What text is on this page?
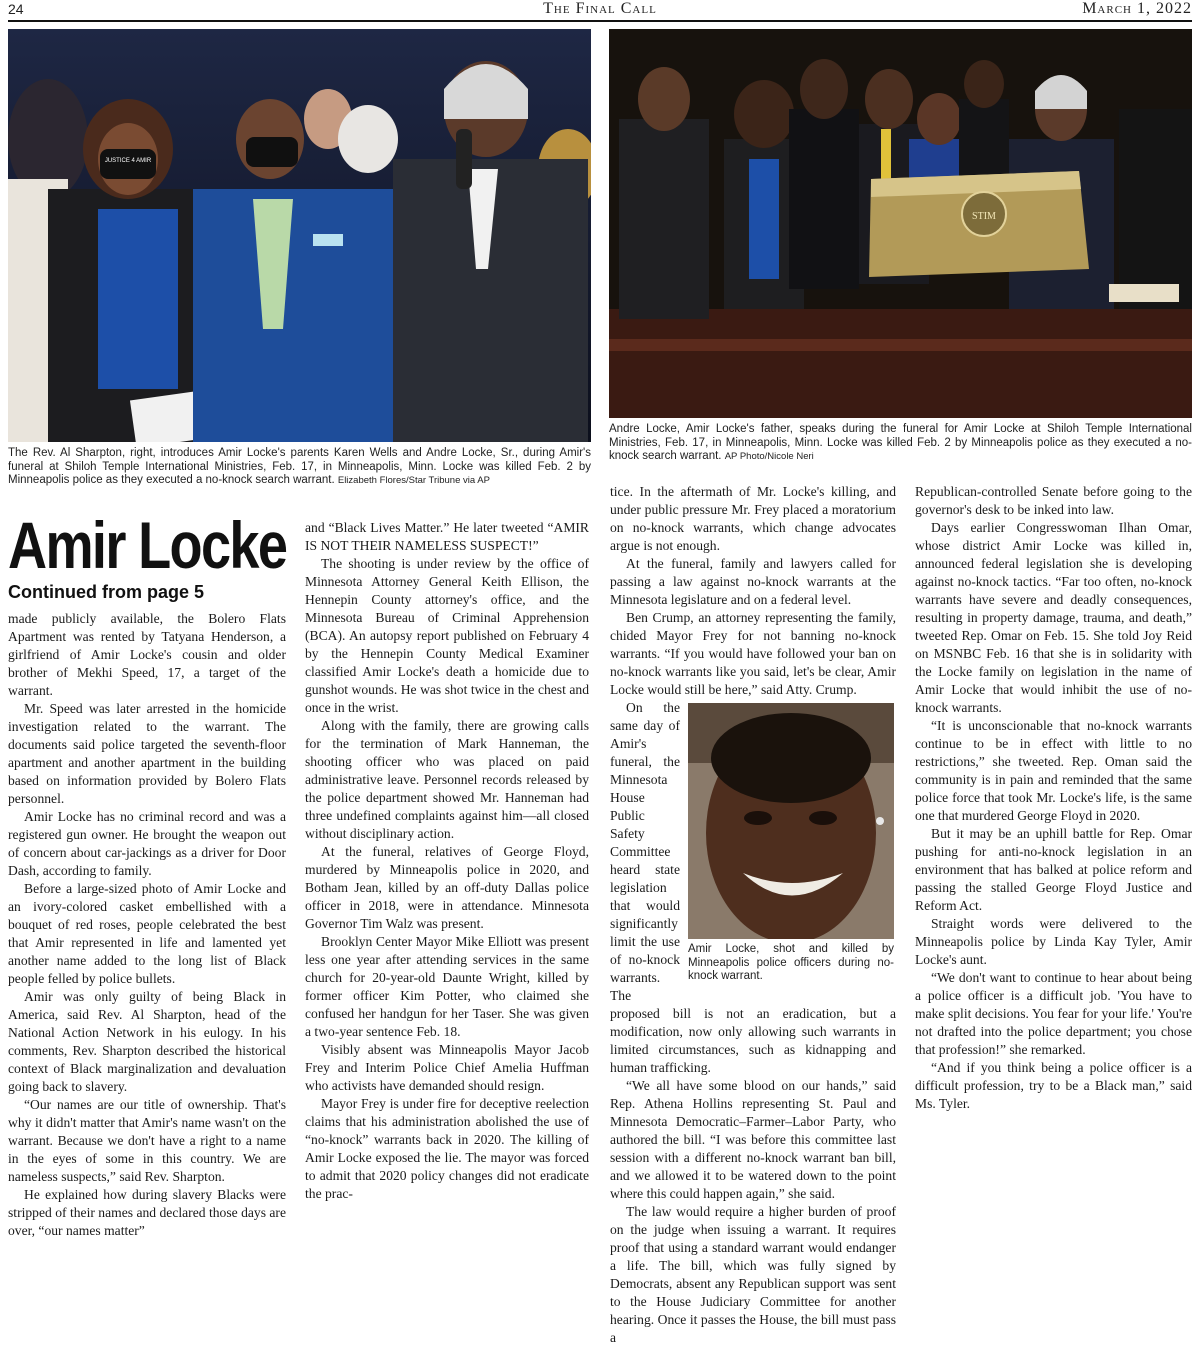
24	The Final Call	March 1, 2022
JUSTICE 4 AMIR
STIM
The Rev. Al Sharpton, right, introduces Amir Locke's parents Karen Wells and Andre Locke, Sr., during Amir's funeral at Shiloh Temple International Ministries, Feb. 17, in Minneapolis, Minn. Locke was killed Feb. 2 by Minneapolis police as they executed a no-knock search warrant. Elizabeth Flores/Star Tribune via AP
Andre Locke, Amir Locke's father, speaks during the funeral for Amir Locke at Shiloh Temple International Ministries, Feb. 17, in Minneapolis, Minn. Locke was killed Feb. 2 by Minneapolis police as they executed a no-knock search warrant. AP Photo/Nicole Neri
Amir Locke
Continued from page 5

made publicly available, the Bolero Flats Apartment was rented by Tatyana Henderson, a girlfriend of Amir Locke's cousin and older brother of Mekhi Speed, 17, a target of the warrant.

Mr. Speed was later arrested in the homicide investigation related to the warrant. The documents said police targeted the seventh-floor apartment and another apartment in the building based on information provided by Bolero Flats personnel.

Amir Locke has no criminal record and was a registered gun owner. He brought the weapon out of concern about car-jackings as a driver for Door Dash, according to family.

Before a large-sized photo of Amir Locke and an ivory-colored casket embellished with a bouquet of red roses, people celebrated the best that Amir represented in life and lamented yet another name added to the long list of Black people felled by police bullets.

Amir was only guilty of being Black in America, said Rev. Al Sharpton, head of the National Action Network in his eulogy. In his comments, Rev. Sharpton described the historical context of Black marginalization and devaluation going back to slavery.

“Our names are our title of ownership. That's why it didn't matter that Amir's name wasn't on the warrant. Because we don't have a right to a name in the eyes of some in this country. We are nameless suspects,” said Rev. Sharpton.

He explained how during slavery Blacks were stripped of their names and declared those days are over, “our names matter”

and “Black Lives Matter.” He later tweeted “AMIR IS NOT THEIR NAMELESS SUSPECT!”

The shooting is under review by the office of Minnesota Attorney General Keith Ellison, the Hennepin County attorney's office, and the Minnesota Bureau of Criminal Apprehension (BCA). An autopsy report published on February 4 by the Hennepin County Medical Examiner classified Amir Locke's death a homicide due to gunshot wounds. He was shot twice in the chest and once in the wrist.

Along with the family, there are growing calls for the termination of Mark Hanneman, the shooting officer who was placed on paid administrative leave. Personnel records released by the police department showed Mr. Hanneman had three undefined complaints against him—all closed without disciplinary action.

At the funeral, relatives of George Floyd, murdered by Minneapolis police in 2020, and Botham Jean, killed by an off-duty Dallas police officer in 2018, were in attendance. Minnesota Governor Tim Walz was present.

Brooklyn Center Mayor Mike Elliott was present less one year after attending services in the same church for 20-year-old Daunte Wright, killed by former officer Kim Potter, who claimed she confused her handgun for her Taser. She was given a two-year sentence Feb. 18.

Visibly absent was Minneapolis Mayor Jacob Frey and Interim Police Chief Amelia Huffman who activists have demanded should resign.

Mayor Frey is under fire for deceptive reelection claims that his administration abolished the use of “no-knock” warrants back in 2020. The killing of Amir Locke exposed the lie. The mayor was forced to admit that 2020 policy changes did not eradicate the prac-

tice. In the aftermath of Mr. Locke's killing, and under public pressure Mr. Frey placed a moratorium on no-knock warrants, which change advocates argue is not enough.

At the funeral, family and lawyers called for passing a law against no-knock warrants at the Minnesota legislature and on a federal level.

Ben Crump, an attorney representing the family, chided Mayor Frey for not banning no-knock warrants. “If you would have followed your ban on no-knock warrants like you said, let's be clear, Amir Locke would still be here,” said Atty. Crump.

Amir Locke, shot and killed by Minneapolis police officers during no-knock warrant.

On the same day of Amir's funeral, the Minnesota House Public Safety Committee heard state legislation that would significantly limit the use of no-knock warrants. The proposed bill is not an eradication, but a modification, now only allowing such warrants in limited circumstances, such as kidnapping and human trafficking.

“We all have some blood on our hands,” said Rep. Athena Hollins representing St. Paul and Minnesota Democratic–Farmer–Labor Party, who authored the bill. “I was before this committee last session with a different no-knock warrant ban bill, and we allowed it to be watered down to the point where this could happen again,” she said.

The law would require a higher burden of proof on the judge when issuing a warrant. It requires proof that using a standard warrant would endanger a life. The bill, which was fully signed by Democrats, absent any Republican support was sent to the House Judiciary Committee for another hearing. Once it passes the House, the bill must pass a

Republican-controlled Senate before going to the governor's desk to be inked into law.

Days earlier Congresswoman Ilhan Omar, whose district Amir Locke was killed in, announced federal legislation she is developing against no-knock tactics. “Far too often, no-knock warrants have severe and deadly consequences, resulting in property damage, trauma, and death,” tweeted Rep. Omar on Feb. 15. She told Joy Reid on MSNBC Feb. 16 that she is in solidarity with the Locke family on legislation in the name of Amir Locke that would inhibit the use of no-knock warrants.

“It is unconscionable that no-knock warrants continue to be in effect with little to no restrictions,” she tweeted. Rep. Oman said the community is in pain and reminded that the same police force that took Mr. Locke's life, is the same one that murdered George Floyd in 2020.

But it may be an uphill battle for Rep. Omar pushing for anti-no-knock legislation in an environment that has balked at police reform and passing the stalled George Floyd Justice and Reform Act.

Straight words were delivered to the Minneapolis police by Linda Kay Tyler, Amir Locke's aunt.

“We don't want to continue to hear about being a police officer is a difficult job. 'You have to make split decisions. You fear for your life.' You're not drafted into the police department; you chose that profession!” she remarked.

“And if you think being a police officer is a difficult profession, try to be a Black man,” said Ms. Tyler.
